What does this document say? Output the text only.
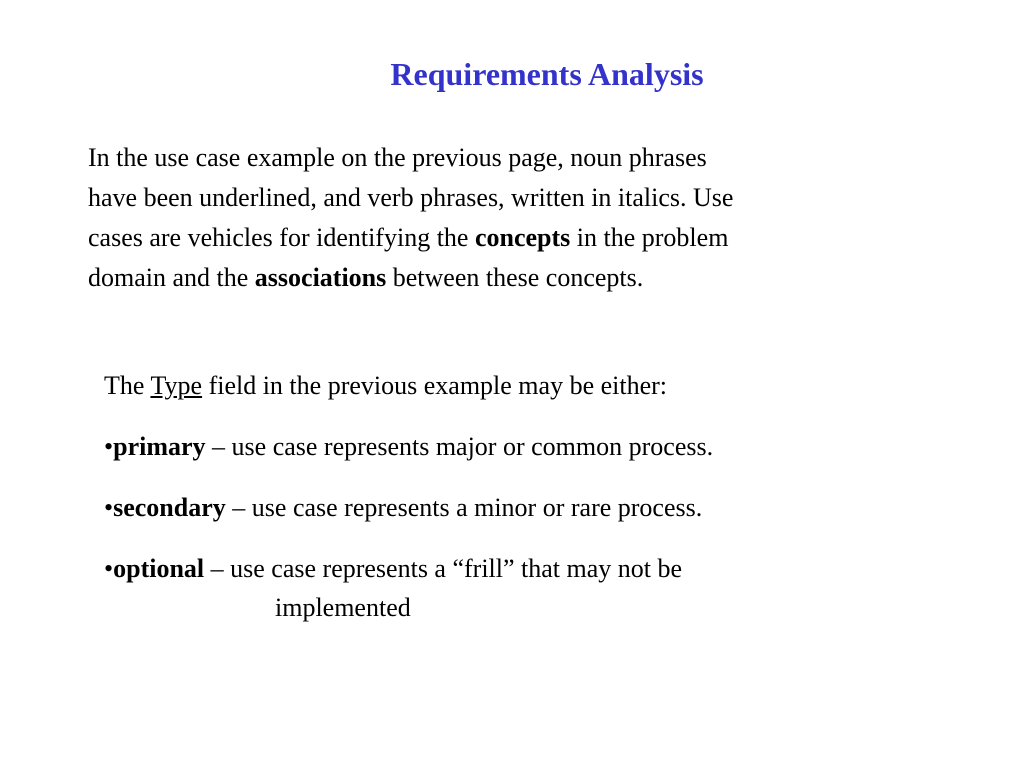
Requirements Analysis
In the use case example on the previous page, noun phrases
have been underlined, and verb phrases, written in italics. Use
cases are vehicles for identifying the concepts in the problem
domain and the associations between these concepts.
The Type field in the previous example may be either:
•primary – use case represents major or common process.
•secondary – use case represents a minor or rare process.
•optional – use case represents a “frill” that may not be
implemented
